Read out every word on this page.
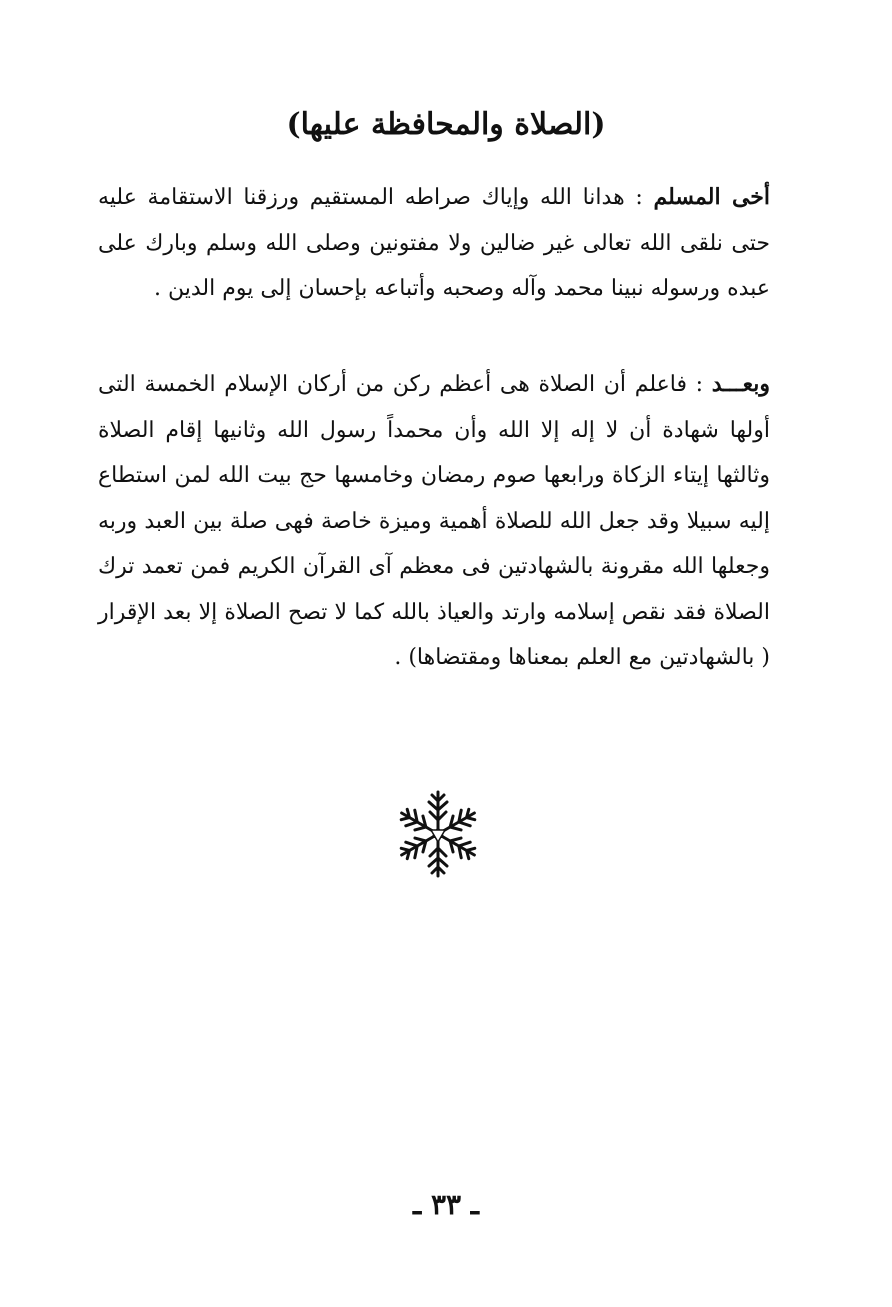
(الصلاة والمحافظة عليها)

أخى المسلم : هدانا الله وإياك صراطه المستقيم ورزقنا الاستقامة عليه حتى نلقى الله تعالى غير ضالين ولا مفتونين وصلى الله وسلم وبارك على عبده ورسوله نبينا محمد وآله وصحبه وأتباعه بإحسان إلى يوم الدين .

وبعـــد : فاعلم أن الصلاة هى أعظم ركن من أركان الإسلام الخمسة التى أولها شهادة أن لا إله إلا الله وأن محمداً رسول الله وثانيها إقام الصلاة وثالثها إيتاء الزكاة ورابعها صوم رمضان وخامسها حج بيت الله لمن استطاع إليه سبيلا وقد جعل الله للصلاة أهمية وميزة خاصة فهى صلة بين العبد وربه وجعلها الله مقرونة بالشهادتين فى معظم آى القرآن الكريم فمن تعمد ترك الصلاة فقد نقص إسلامه وارتد والعياذ بالله كما لا تصح الصلاة إلا بعد الإقرار ( بالشهادتين مع العلم بمعناها ومقتضاها) .

ـ ٣٣ ـ
